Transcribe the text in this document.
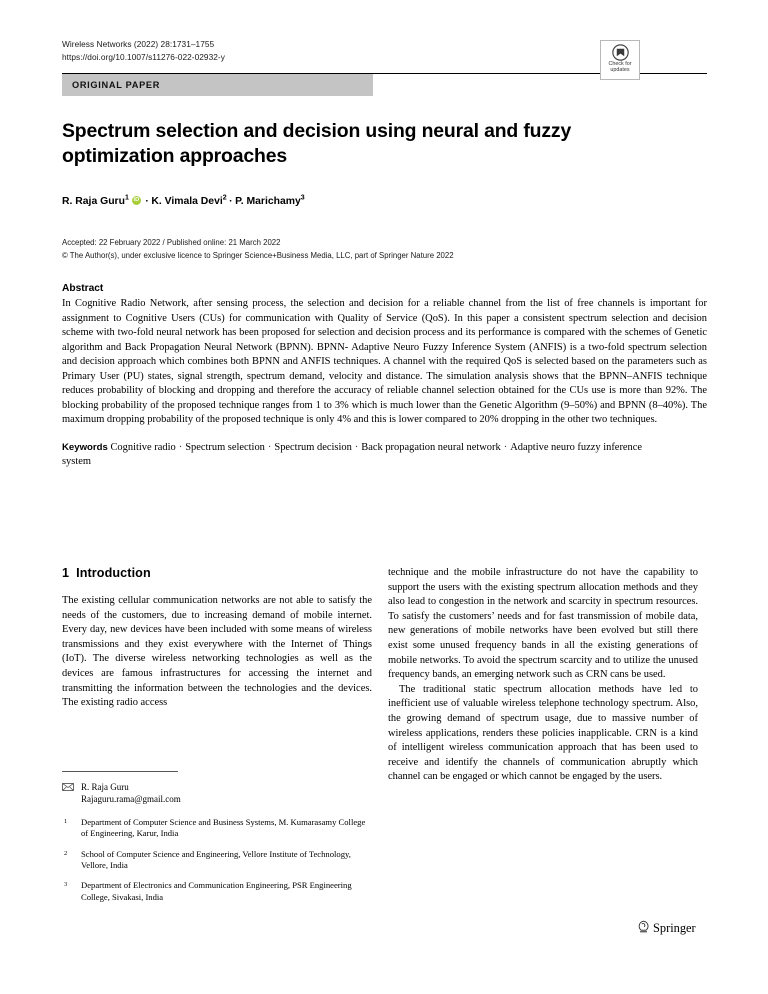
Wireless Networks (2022) 28:1731–1755
https://doi.org/10.1007/s11276-022-02932-y
ORIGINAL PAPER
Spectrum selection and decision using neural and fuzzy optimization approaches
R. Raja Guru$^1$ iD · K. Vimala Devi$^2$ · P. Marichamy$^3$
Accepted: 22 February 2022 / Published online: 21 March 2022
© The Author(s), under exclusive licence to Springer Science+Business Media, LLC, part of Springer Nature 2022
Abstract
In Cognitive Radio Network, after sensing process, the selection and decision for a reliable channel from the list of free channels is important for assignment to Cognitive Users (CUs) for communication with Quality of Service (QoS). In this paper a consistent spectrum selection and decision scheme with two-fold neural network has been proposed for selection and decision process and its performance is compared with the schemes of Genetic algorithm and Back Propagation Neural Network (BPNN). BPNN- Adaptive Neuro Fuzzy Inference System (ANFIS) is a two-fold spectrum selection and decision approach which combines both BPNN and ANFIS techniques. A channel with the required QoS is selected based on the parameters such as Primary User (PU) states, signal strength, spectrum demand, velocity and distance. The simulation analysis shows that the BPNN–ANFIS technique reduces probability of blocking and dropping and therefore the accuracy of reliable channel selection obtained for the CUs use is more than 92%. The blocking probability of the proposed technique ranges from 1 to 3% which is much lower than the Genetic Algorithm (9–50%) and BPNN (8–40%). The maximum dropping probability of the proposed technique is only 4% and this is lower compared to 20% dropping in the other two techniques.
Keywords Cognitive radio · Spectrum selection · Spectrum decision · Back propagation neural network · Adaptive neuro fuzzy inference system
Check for
updates
1 Introduction

The existing cellular communication networks are not able to satisfy the needs of the customers, due to increasing demand of mobile internet. Every day, new devices have been included with some means of wireless transmissions and they exist everywhere with the Internet of Things (IoT). The diverse wireless networking technologies as well as the devices are famous infrastructures for accessing the internet and transmitting the information between the technologies and the devices. The existing radio access

R. Raja Guru
Rajaguru.rama@gmail.com
1 Department of Computer Science and Business Systems, M. Kumarasamy College of Engineering, Karur, India
2 School of Computer Science and Engineering, Vellore Institute of Technology, Vellore, India
3 Department of Electronics and Communication Engineering, PSR Engineering College, Sivakasi, India

technique and the mobile infrastructure do not have the capability to support the users with the existing spectrum allocation methods and they also lead to congestion in the network and scarcity in spectrum resources. To satisfy the customers’ needs and for fast transmission of mobile data, new generations of mobile networks have been evolved but still there exist some unused frequency bands in all the existing generations of mobile networks. To avoid the spectrum scarcity and to utilize the unused frequency bands, an emerging network such as CRN cans be used.

The traditional static spectrum allocation methods have led to inefficient use of valuable wireless telephone technology spectrum. Also, the growing demand of spectrum usage, due to massive number of wireless applications, renders these policies inapplicable. CRN is a kind of intelligent wireless communication approach that has been used to receive and identify the channels of communication abruptly which channel can be engaged or which cannot be engaged by the users.

Springer
